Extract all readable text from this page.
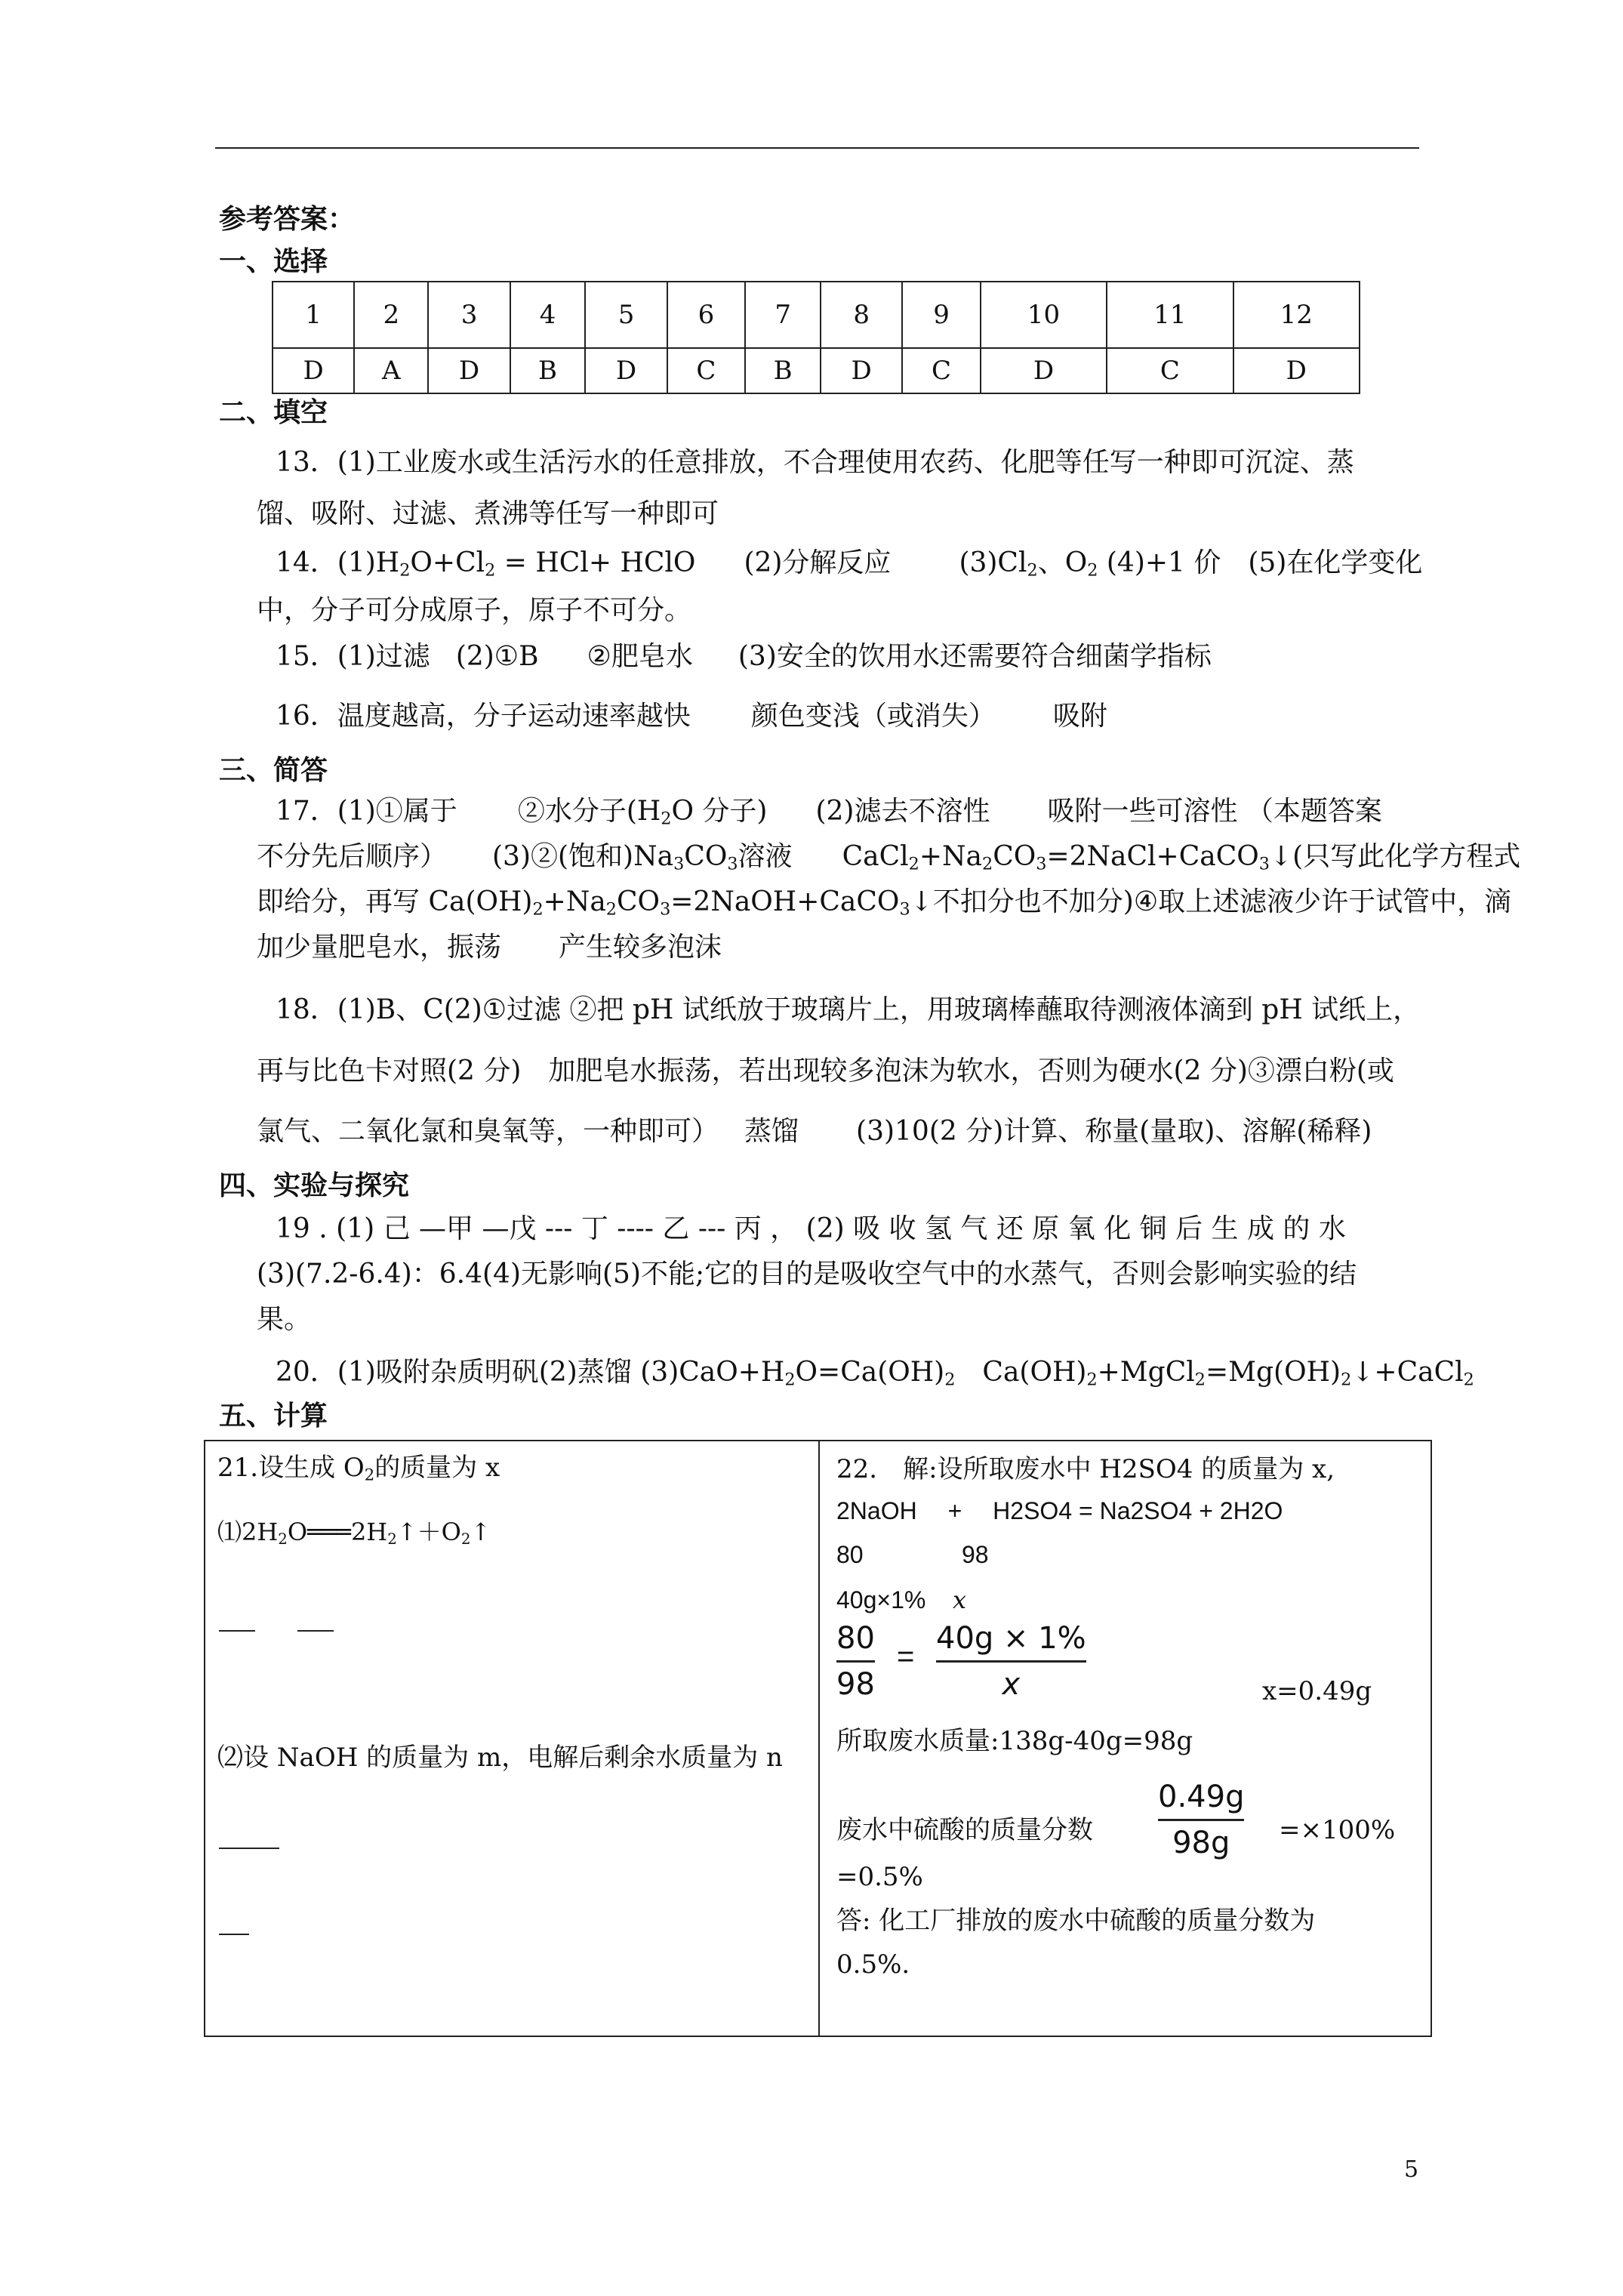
参考答案：
一、选择
1	2	3	4	5	6	7	8	9	10	11	12
D	A	D	B	D	C	B	D	C	D	C	D
二、填空
13．(1)工业废水或生活污水的任意排放，不合理使用农药、化肥等任写一种即可沉淀、蒸
馏、吸附、过滤、煮沸等任写一种即可
14．$(1)H_2O+Cl_2 = HCl+$ HClO (2)分解反应	$(3)Cl_2$、$O_2$ (4)+1 价 (5)在化学变化
中，分子可分成原子，原子不可分。
15．(1)过滤 (2)①B ②肥皂水 (3)安全的饮用水还需要符合细菌学指标
16．温度越高，分子运动速率越快 颜色变浅（或消失） 吸附
三、简答
17．(1)①属于 ②水分子($H_2O$ 分子) (2)滤去不溶性 吸附一些可溶性 （本题答案
不分先后顺序） (3)②(饱和)$Na_3CO_3$溶液 $CaCl_2+Na_2CO_3=2NaCl+CaCO_3↓$(只写此化学方程式
即给分，再写 $Ca(OH)_2+Na_2CO_3=2NaOH+CaCO_3↓$不扣分也不加分)④取上述滤液少许于试管中，滴
加少量肥皂水，振荡 产生较多泡沫
18．(1)B、C(2)①过滤 ②把 pH 试纸放于玻璃片上，用玻璃棒蘸取待测液体滴到 pH 试纸上，
再与比色卡对照(2 分)　加肥皂水振荡，若出现较多泡沫为软水，否则为硬水(2 分)③漂白粉(或
氯气、二氧化氯和臭氧等，一种即可） 蒸馏 (3)10(2 分)计算、称量(量取)、溶解(稀释)
四、实验与探究
19 . (1) 己 —甲 —戊 --- 丁 ---- 乙 --- 丙 ， (2) 吸 收 氢 气 还 原 氧 化 铜 后 生 成 的 水
(3)(7.2-6.4)：6.4(4)无影响(5)不能;它的目的是吸收空气中的水蒸气，否则会影响实验的结
果。
20．(1)吸附杂质明矾(2)蒸馏 $(3)CaO+H_2O=Ca(OH)_2$ $Ca(OH)_2+MgCl_2=Mg(OH)_2↓+CaCl_2$
五、计算
21.设生成 $O_2$的质量为 x
$⑴2H_2O═══2H_2↑+O_2↑$
⑵设 NaOH 的质量为 m，电解后剩余水质量为 n
22.　解:设所取废水中 H2SO4 的质量为 x,
2NaOH　 +　 H2SO4 = Na2SO4 + 2H2O
80	98
40g×1% x
80
98
=
40g × 1%
x	x=0.49g
所取废水质量:138g-40g=98g
废水中硫酸的质量分数
0.49g
98g =×100%
=0.5%
答: 化工厂排放的废水中硫酸的质量分数为
0.5%.
5
